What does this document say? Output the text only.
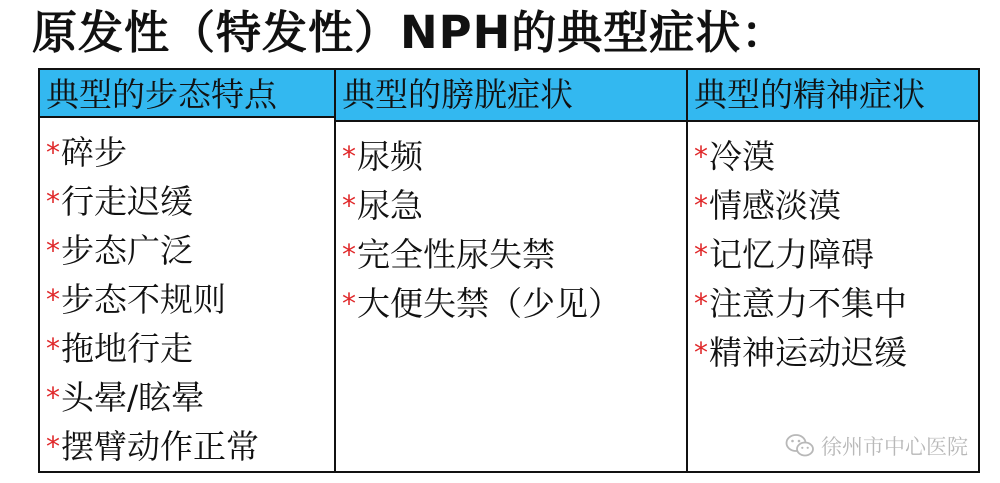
原发性（特发性）NPH的典型症状：
典型的步态特点
*碎步
*行走迟缓
*步态广泛
*步态不规则
*拖地行走
*头晕/眩晕
*摆臂动作正常
典型的膀胱症状
*尿频
*尿急
*完全性尿失禁
*大便失禁（少见）
典型的精神症状
*冷漠
*情感淡漠
*记忆力障碍
*注意力不集中
*精神运动迟缓
徐州市中心医院
